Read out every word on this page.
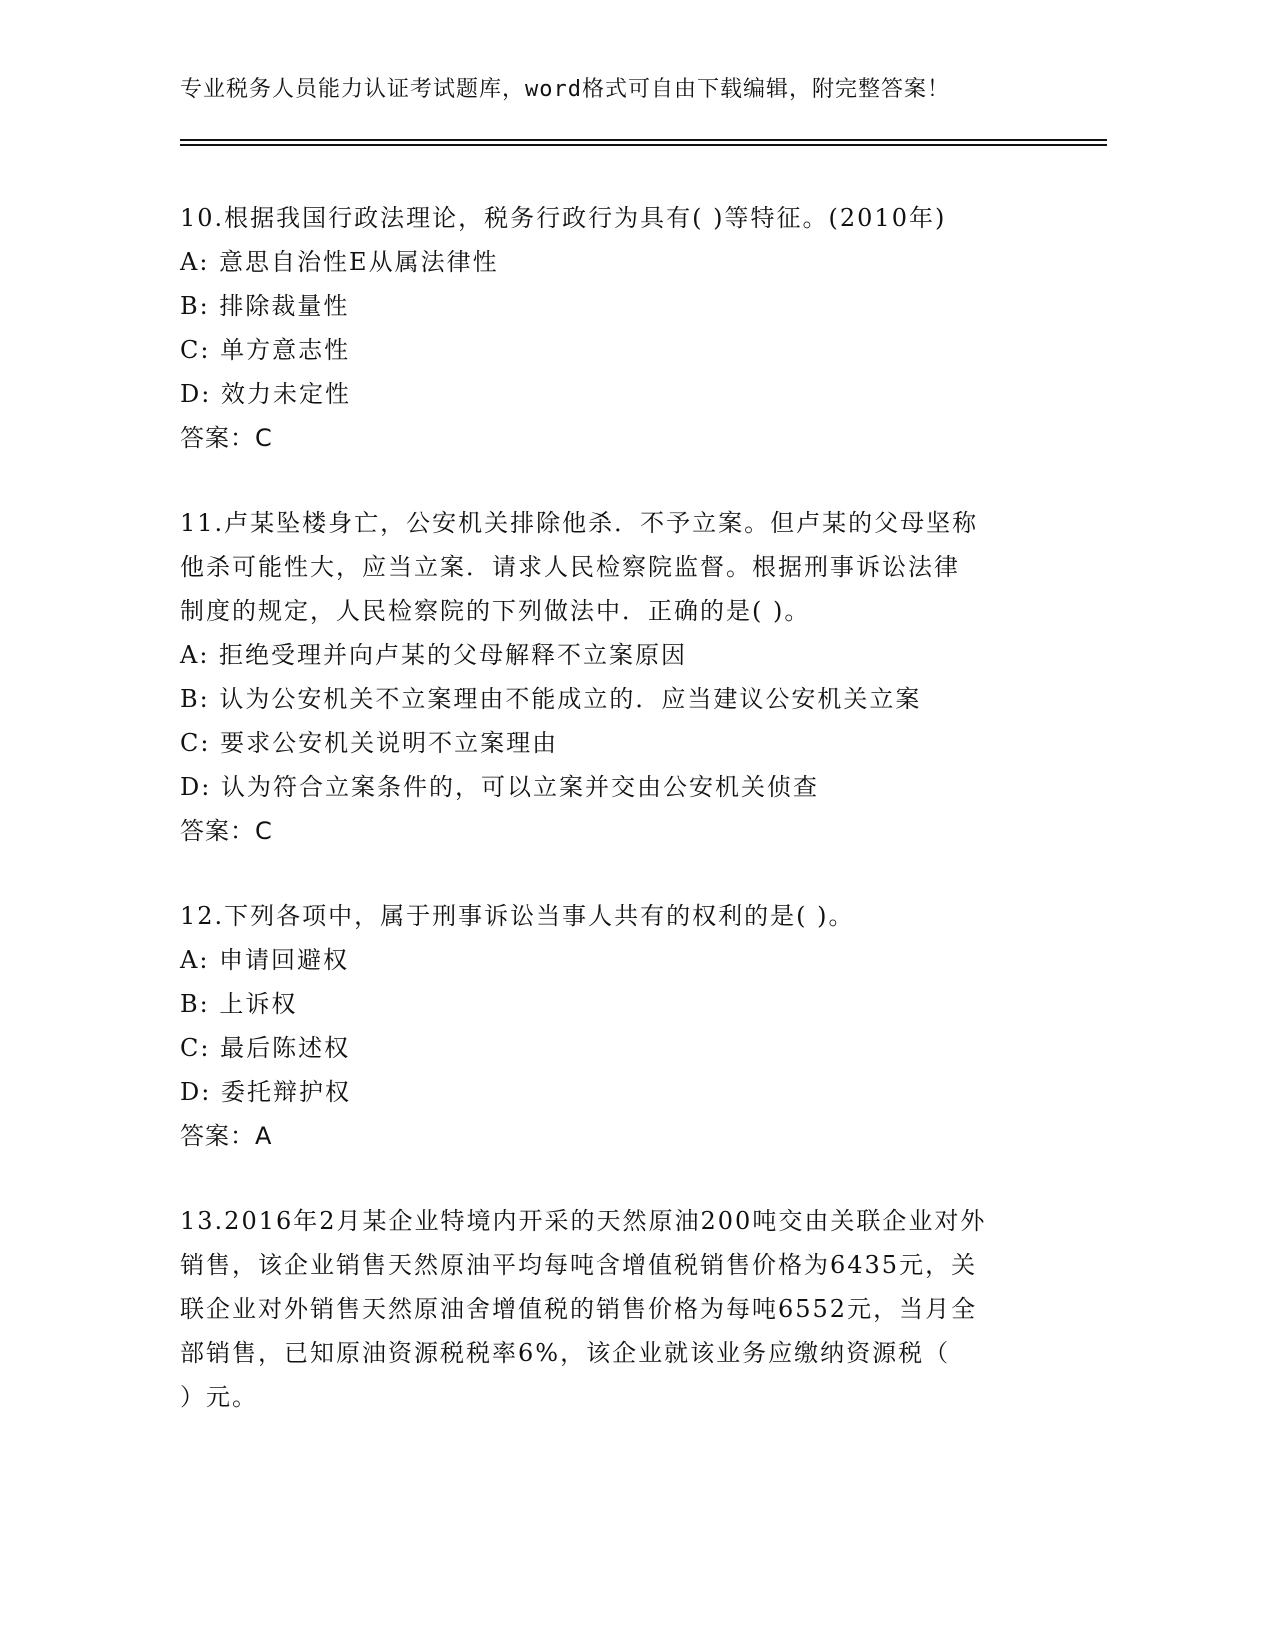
专业税务人员能力认证考试题库，word格式可自由下载编辑，附完整答案！
10.根据我国行政法理论，税务行政行为具有( )等特征。(2010年)
A: 意思自治性E从属法律性
B: 排除裁量性
C: 单方意志性
D: 效力未定性
答案：C
11.卢某坠楼身亡，公安机关排除他杀．不予立案。但卢某的父母坚称
他杀可能性大，应当立案．请求人民检察院监督。根据刑事诉讼法律
制度的规定，人民检察院的下列做法中．正确的是( )。
A: 拒绝受理并向卢某的父母解释不立案原因
B: 认为公安机关不立案理由不能成立的．应当建议公安机关立案
C: 要求公安机关说明不立案理由
D: 认为符合立案条件的，可以立案并交由公安机关侦查
答案：C
12.下列各项中，属于刑事诉讼当事人共有的权利的是( )。
A: 申请回避权
B: 上诉权
C: 最后陈述权
D: 委托辩护权
答案：A
13.2016年2月某企业特境内开采的天然原油200吨交由关联企业对外
销售，该企业销售天然原油平均每吨含增值税销售价格为6435元，关
联企业对外销售天然原油舍增值税的销售价格为每吨6552元，当月全
部销售，已知原油资源税税率6%，该企业就该业务应缴纳资源税（
）元。
